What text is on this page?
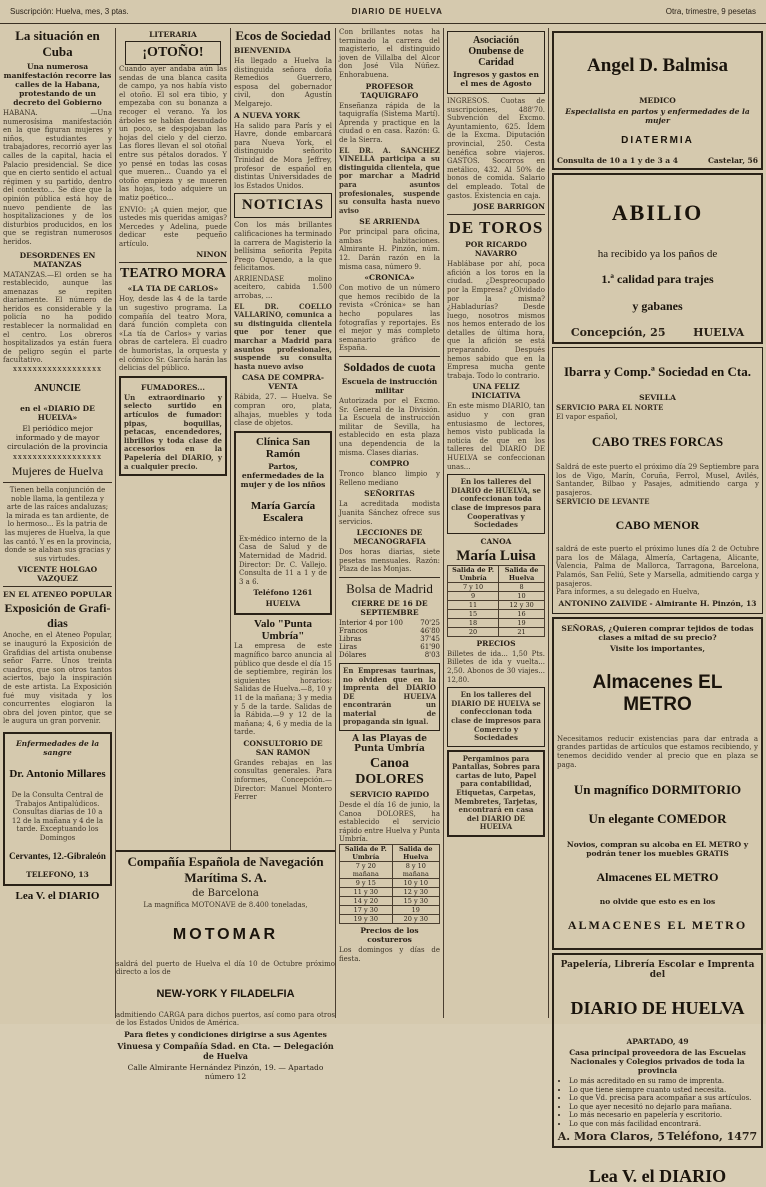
Suscripción: Huelva, mes, 3 ptas.	DIARIO DE HUELVA	Otra, trimestre, 9 pesetas
La situación en Cuba

Una numerosa manifestación recorre las calles de la Habana, protestando de un decreto del Gobierno

HABANA. —Una numerosísima manifestación en la que figuran mujeres y niños, estudiantes y trabajadores, recorrió ayer las calles de la capital, hacia el Palacio presidencial. Se dice que en cierto sentido el actual régimen y su partido, dentro del contexto... Se dice que la opinión pública está hoy de nuevo pendiente de las hospitalizaciones y de los disturbios producidos, en los que se registran numerosos heridos.

DESORDENES EN MATANZAS

MATANZAS.—El orden se ha restablecido, aunque las amenazas se repiten diariamente. El número de heridos es considerable y la policía no ha podido restablecer la normalidad en el centro. Los obreros hospitalizados ya están fuera de peligro según el parte facultativo.

xxxxxxxxxxxxxxxxxx

ANUNCIE

en el «DIARIO DE HUELVA»

El periódico mejor informado y de mayor circulación de la provincia

xxxxxxxxxxxxxxxxxx
Mujeres de Huelva

Tienen bella conjunción de noble llama, la gentileza y arte de las raíces andaluzas; la mirada es tan ardiente, de lo hermoso... Es la patria de las mujeres de Huelva, la que las cantó. Y es en la provincia, donde se alaban sus gracias y sus virtudes.

VICENTE HOLGAO VAZQUEZ

EN EL ATENEO POPULAR

Exposición de Grafi-dias

Anoche, en el Ateneo Popular, se inauguró la Exposición de Grafidias del artista onubense señor Farre. Unos treinta cuadros, que son otros tantos aciertos, bajo la inspiración de este artista. La Exposición fué muy visitada y los concurrentes elogiaron la obra del joven pintor, que se le augura un gran porvenir.

Enfermedades de la sangre

Dr. Antonio Millares

De la Consulta Central de Trabajos Antipalúdicos. Consultas diarias de 10 a 12 de la mañana y 4 de la tarde. Exceptuando los Domingos

Cervantes, 12.-Gibraleón

TELEFONO, 13

Lea V. el DIARIO

LITERARIA

¡OTOÑO!

Cuando ayer andaba aún las sendas de una blanca casita de campo, ya nos había visto el otoño. El sol era tibio, y empezaba con su bonanza a recoger el verano. Ya los árboles se habían desnudado un poco, se despojaban las hojas del cielo y del cierzo. Las flores llevan el sol otoñal entre sus pétalos dorados. Y yo pensé en todas las cosas que mueren... Cuando ya el otoño empieza y se mueren las hojas, todo adquiere un matiz poético...

ENVIO: ¡A quien mejor, que ustedes mis queridas amigas? Mercedes y Adelina, puede dedicar este pequeño artículo.

NINON

TEATRO MORA

«LA TIA DE CARLOS»

Hoy, desde las 4 de la tarde un sugestivo programa. La compañía del teatro Mora, dará función completa con «La tía de Carlos» y varias obras de cartelera. El cuadro de humoristas, la orquesta y el cómico Sr. García harán las delicias del público.

FUMADORES...

Un extraordinario y selecto surtido en artículos de fumador: pipas, boquillas, petacas, encendedores, librillos y toda clase de accesorios en la Papelería del DIARIO, y a cualquier precio.

Ecos de Sociedad

BIENVENIDA

Ha llegado a Huelva la distinguida señora doña Remedios Guerrero, esposa del gobernador civil, don Agustín Melgarejo.

A NUEVA YORK

Ha salido para París y el Havre, donde embarcará para Nueva York, el distinguido señorito Trinidad de Mora Jeffrey, profesor de español en distintas Universidades de los Estados Unidos.

NOTICIAS

Con los más brillantes calificaciones ha terminado la carrera de Magisterio la bellísima señorita Pepita Prego Oquendo, a la que felicitamos.

ARRIENDASE molino aceitero, cabida 1.500 arrobas, ...

EL DR. COELLO VALLARINO, comunica a su distinguida clientela que por tener que marchar a Madrid para asuntos profesionales, suspende su consulta hasta nuevo aviso

CASA DE COMPRA-VENTA

Rábida, 27. — Huelva. Se compran oro, plata, alhajas, muebles y toda clase de objetos.

Clínica San Ramón

Partos, enfermedades de la mujer y de los niños

María García Escalera

Ex-médico interno de la Casa de Salud y de Maternidad de Madrid. Director: Dr. C. Vallejo. Consulta de 11 a 1 y de 3 a 6.

Teléfono 1261

HUELVA

Valo "Punta Umbría"

La empresa de este magnífico barco anuncia al público que desde el día 15 de septiembre, regirán los siguientes horarios: Salidas de Huelva.—8, 10 y 11 de la mañana; 3 y media y 5 de la tarde. Salidas de la Rábida.—9 y 12 de la mañana; 4, 6 y media de la tarde.

CONSULTORIO DE SAN RAMON

Grandes rebajas en las consultas generales. Para informes, Concepción.—Director: Manuel Montero Ferrer

Con brillantes notas ha terminado la carrera del magisterio, el distinguido joven de Villalba del Alcor don José Vila Núñez. Enhorabuena.

PROFESOR TAQUIGRAFO

Enseñanza rápida de la taquigrafía (Sistema Martí). Aprenda y practique en la ciudad o en casa. Razón: G. de la Sierra.

EL DR. A. SANCHEZ VINELLA participa a su distinguida clientela, que por marchar a Madrid para asuntos profesionales, suspende su consulta hasta nuevo aviso

SE ARRIENDA

Por principal para oficina, ambas habitaciones. Almirante H. Pinzón, núm. 12. Darán razón en la misma casa, número 9.

«CRONICA»

Con motivo de un número que hemos recibido de la revista «Crónica» se han hecho populares las fotografías y reportajes. Es el mejor y más completo semanario gráfico de España.

Soldados de cuota

Escuela de instrucción militar

Autorizada por el Excmo. Sr. General de la División. La Escuela de instrucción militar de Sevilla, ha establecido en esta plaza una dependencia de la misma. Clases diarias.

COMPRO

Tronco blanco limpio y Relleno mediano

SEÑORITAS

La acreditada modista Juanita Sánchez ofrece sus servicios.

LECCIONES DE MECANOGRAFIA

Dos horas diarias, siete pesetas mensuales. Razón: Plaza de las Monjas.

Bolsa de Madrid

CIERRE DE 16 DE SEPTIEMBRE

Interior 4 por 100 70'25
Francos	46'80
Libras	37'45
Liras	61'90
Dólares	8'03

En Empresas taurinas, no olviden que en la imprenta del DIARIO DE HUELVA encontrarán un material de propaganda sin igual.

A las Playas de Punta Umbría

Canoa DOLORES

SERVICIO RAPIDO

Desde el día 16 de junio, la Canoa DOLORES, ha establecido el servicio rápido entre Huelva y Punta Umbría.

Salida de P. Umbría	Salida de Huelva
7 y 20 mañana	8 y 10 mañana
9 y 15	10 y 10
11 y 30	12 y 30
14 y 20	15 y 30
17 y 30	19
19 y 30	20 y 30

Precios de los costureros

Los domingos y días de fiesta.

Asociación Onubense de Caridad

Ingresos y gastos en el mes de Agosto

INGRESOS. Cuotas de suscripciones, 488'70. Subvención del Excmo. Ayuntamiento, 625. Ídem de la Excma. Diputación provincial, 250. Cesta benéfica sobre viajeros. GASTOS. Socorros en metálico, 432. Al 50% de bonos de comida. Salario del empleado. Total de gastos. Existencia en caja.

JOSE BARRIGON

DE TOROS

POR RICARDO NAVARRO

Hablábase por ahí, poca afición a los toros en la ciudad. ¿Despreocupado por la Empresa? ¿Olvidado por la misma? ¿Habladurías? Desde luego, nosotros mismos nos hemos enterado de los detalles de última hora, que la afición se está preparando. Después hemos sabido que en la Empresa mucha gente trabaja. Todo lo contrario.

UNA FELIZ INICIATIVA

En este mismo DIARIO, tan asiduo y con gran entusiasmo de lectores, hemos visto publicada la noticia de que en los talleres del DIARIO DE HUELVA se confeccionan unas...

En los talleres del DIARIO de HUELVA, se confeccionan toda clase de impresos para Cooperativas y Sociedades

CANOA

María Luisa
Salida de P. Umbría	Salida de Huelva
7 y 10	8
9	10
11	12 y 30
15	16
18	19
20	21

PRECIOS

Billetes de ida... 1,50 Pts. Billetes de ida y vuelta... 2,50. Abonos de 30 viajes... 12,80.

En los talleres del DIARIO DE HUELVA se confeccionan toda clase de impresos para Comercio y Sociedades

Pergaminos para Pantallas, Sobres para cartas de luto, Papel para contabilidad, Etiquetas, Carpetas, Membretes, Tarjetas, encontrará en casa del DIARIO DE HUELVA

Angel D. Balmisa

MEDICO

Especialista en partos y enfermedades de la mujer

DIATERMIA

Consulta de 10 a 1 y de 3 a 4	Castelar, 56

ABILIO

ha recibido ya los paños de

1.ª calidad para trajes

y gabanes

Concepción, 25	HUELVA

Ibarra y Comp.ª Sociedad en Cta.

SEVILLA

SERVICIO PARA EL NORTE

El vapor español,

CABO TRES FORCAS

Saldrá de este puerto el próximo día 29 Septiembre para los de Vigo, Marín, Coruña, Ferrol, Musel, Avilés, Santander, Bilbao y Pasajes, admitiendo carga y pasajeros.

SERVICIO DE LEVANTE

CABO MENOR

saldrá de este puerto el próximo lunes día 2 de Octubre para los de Málaga, Almería, Cartagena, Alicante, Valencia, Palma de Mallorca, Tarragona, Barcelona, Palamós, San Feliú, Sete y Marsella, admitiendo carga y pasajeros.

Para informes, a su delegado en Huelva,

ANTONINO ZALVIDE - Almirante H. Pinzón, 13

SEÑORAS, ¿Quieren comprar tejidos de todas clases a mitad de su precio?

Visite los importantes,

Almacenes EL METRO

Necesitamos reducir existencias para dar entrada a grandes partidas de artículos que estamos recibiendo, y tenemos decidido vender al precio que en plaza se paga.

Un magnífico DORMITORIO

Un elegante COMEDOR

Novios, compran su alcoba en EL METRO y podrán tener los muebles GRATIS

Almacenes EL METRO

no olvide que esto es en los

ALMACENES EL METRO

Papelería, Librería Escolar e Imprenta del

DIARIO DE HUELVA

APARTADO, 49

Casa principal proveedora de las Escuelas Nacionales y Colegios privados de toda la provincia

• Lo más acreditado en su ramo de imprenta.
• Lo que tiene siempre cuanto usted necesita.
• Lo que Vd. precisa para acompañar a sus artículos.
• Lo que ayer necesitó no dejarlo para mañana.
• Lo más necesario en papelería y escritorio.
• Lo que con más facilidad encontrará.
A. Mora Claros, 5 Teléfono, 1477

Lea V. el DIARIO

Compañía Española de Navegación Marítima S. A.

de Barcelona

La magnífica MOTONAVE de 8.400 toneladas,

MOTOMAR

saldrá del puerto de Huelva el día 10 de Octubre próximo directo a los de

NEW-YORK Y FILADELFIA

admitiendo CARGA para dichos puertos, así como para otros de los Estados Unidos de América.

Para fletes y condiciones dirigirse a sus Agentes

Vinuesa y Compañía Sdad. en Cta. — Delegación de Huelva

Calle Almirante Hernández Pinzón, 19. — Apartado número 12
